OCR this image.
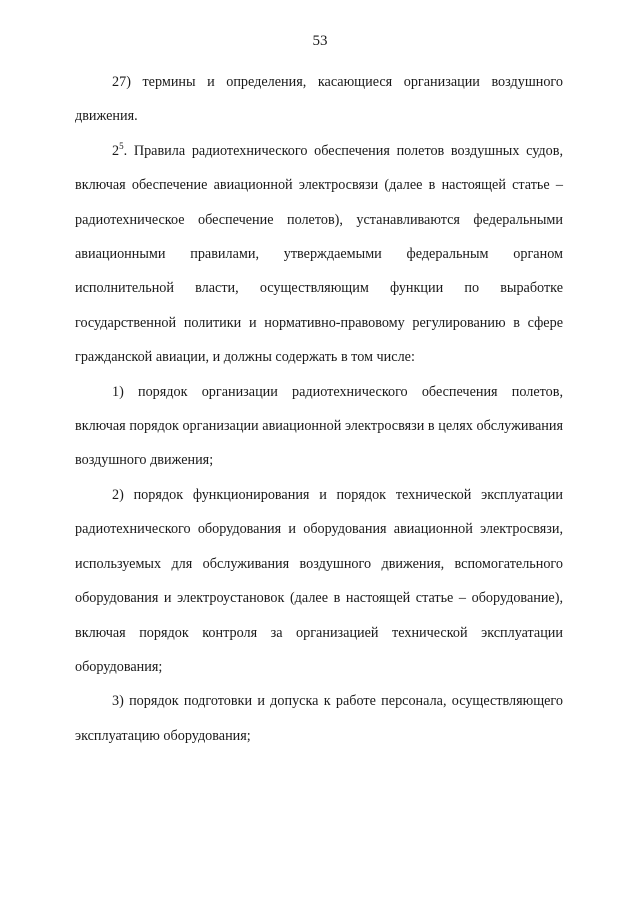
53

27) термины и определения, касающиеся организации воздушного движения.

$2^5$. Правила радиотехнического обеспечения полетов воздушных судов, включая обеспечение авиационной электросвязи (далее в настоящей статье – радиотехническое обеспечение полетов), устанавливаются федеральными авиационными правилами, утверждаемыми федеральным органом исполнительной власти, осуществляющим функции по выработке государственной политики и нормативно-правовому регулированию в сфере гражданской авиации, и должны содержать в том числе:

1) порядок организации радиотехнического обеспечения полетов, включая порядок организации авиационной электросвязи в целях обслуживания воздушного движения;

2) порядок функционирования и порядок технической эксплуатации радиотехнического оборудования и оборудования авиационной электросвязи, используемых для обслуживания воздушного движения, вспомогательного оборудования и электроустановок (далее в настоящей статье – оборудование), включая порядок контроля за организацией технической эксплуатации оборудования;

3) порядок подготовки и допуска к работе персонала, осуществляющего эксплуатацию оборудования;
